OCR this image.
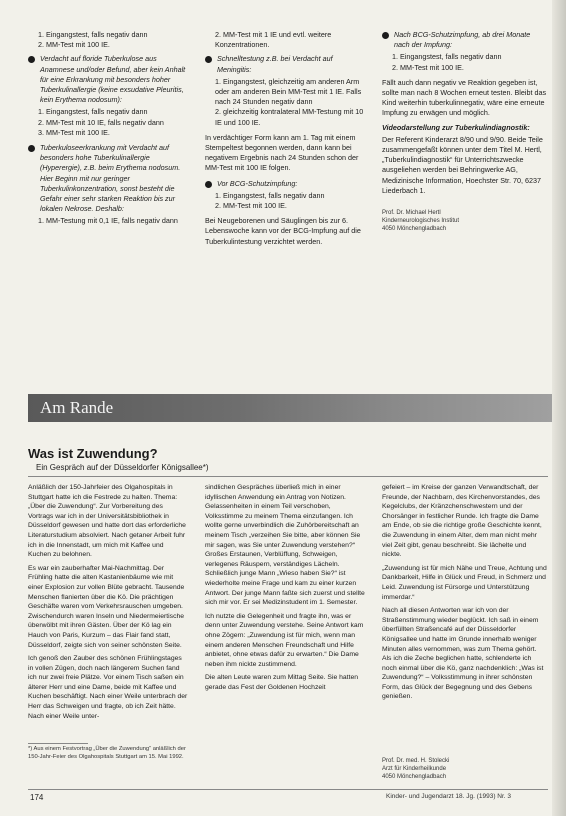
1. Eingangstest, falls negativ dann
2. MM-Test mit 100 IE.
Verdacht auf floride Tuberkulose aus Anamnese und/oder Befund, aber kein Anhalt für eine Erkrankung mit besonders hoher Tuberkulinallergie (keine exsudative Pleuritis, kein Erythema nodosum):
1. Eingangstest, falls negativ dann
2. MM-Test mit 10 IE, falls negativ dann
3. MM-Test mit 100 IE.
Tuberkuloseerkrankung mit Verdacht auf besonders hohe Tuberkulinallergie (Hyperergie), z.B. beim Erythema nodosum. Hier Beginn mit nur geringer Tuberkulinkonzentration, sonst besteht die Gefahr einer sehr starken Reaktion bis zur lokalen Nekrose. Deshalb:
1. MM-Testung mit 0,1 IE, falls negativ dann
2. MM-Test mit 1 IE und evtl. weitere Konzentrationen.
Schnelltestung z.B. bei Verdacht auf Meningitis:
1. Eingangstest, gleichzeitig am anderen Arm oder am anderen Bein MM-Test mit 1 IE. Falls nach 24 Stunden negativ dann
2. gleichzeitig kontralateral MM-Testung mit 10 IE und 100 IE.

In verdächtiger Form kann am 1. Tag mit einem Stempeltest begonnen werden, dann kann bei negativem Ergebnis nach 24 Stunden schon der MM-Test mit 100 IE folgen.

Vor BCG-Schutzimpfung:
1. Eingangstest, falls negativ dann
2. MM-Test mit 100 IE.

Bei Neugeborenen und Säuglingen bis zur 6. Lebenswoche kann vor der BCG-Impfung auf die Tuberkulintestung verzichtet werden.

Nach BCG-Schutzimpfung, ab drei Monate nach der Impfung:
1. Eingangstest, falls negativ dann
2. MM-Test mit 100 IE.

Fällt auch dann negativ ve Reaktion gegeben ist, sollte man nach 8 Wochen erneut testen. Bleibt das Kind weiterhin tuberkulinnegativ, wäre eine erneute Impfung zu erwägen und möglich.

Videodarstellung zur Tuberkulindiagnostik:

Der Referent Kinderarzt 8/90 und 9/90. Beide Teile zusammengefaßt können unter dem Titel M. Hertl, „Tuberkulindiagnostik“ für Unterrichtszwecke ausgeliehen werden bei Behringwerke AG, Medizinische Information, Hoechster Str. 70, 6237 Liederbach 1.

Prof. Dr. Michael Hertl
Kinderneurologisches Institut
4050 Mönchengladbach
Am Rande
Was ist Zuwendung?
Ein Gespräch auf der Düsseldorfer Königsallee*)

Anläßlich der 150-Jahrfeier des Olgahospitals in Stuttgart hatte ich die Festrede zu halten. Thema: „Über die Zuwendung“. Zur Vorbereitung des Vortrags war ich in der Universitätsbibliothek in Düsseldorf gewesen und hatte dort das erforderliche Literaturstudium absolviert. Nach getaner Arbeit fuhr ich in die Innenstadt, um mich mit Kaffee und Kuchen zu belohnen.

Es war ein zauberhafter Mai-Nachmittag. Der Frühling hatte die alten Kastanienbäume wie mit einer Explosion zur vollen Blüte gebracht. Tausende Menschen flanierten über die Kö. Die prächtigen Geschäfte waren vom Verkehrsrauschen umgeben. Zwischendurch waren Inseln und Niedermeiertische überwölbt mit ihren Gästen. Über der Kö lag ein Hauch von Paris, Kurzum – das Flair fand statt, Düsseldorf, zeigte sich von seiner schönsten Seite.

Ich genoß den Zauber des schönen Frühlingstages in vollen Zügen, doch nach längerem Suchen fand ich nur zwei freie Plätze. Vor einem Tisch saßen ein älterer Herr und eine Dame, beide mit Kaffee und Kuchen beschäftigt. Nach einer Weile unterbrach der Herr das Schweigen und fragte, ob ich Zeit hätte. Nach einer Weile unter-

sindlichen Gespräches überließ mich in einer idyllischen Anwendung ein Antrag von Notizen. Gelassenheiten in einem Teil verschoben, Volksstimme zu meinem Thema einzufangen. Ich wollte gerne unverbindlich die Zuhörbereitschaft an meinem Tisch „verzeihen Sie bitte, aber können Sie mir sagen, was Sie unter Zuwendung verstehen?“ Großes Erstaunen, Verblüffung, Schweigen, verlegenes Räuspern, verständiges Lächeln. Schließlich junge Mann „Wieso haben Sie?“ ist wiederholte meine Frage und kam zu einer kurzen Antwort. Der junge Mann faßte sich zuerst und stellte sich mir vor. Er sei Medizinstudent im 1. Semester.

Ich nutzte die Gelegenheit und fragte ihn, was er denn unter Zuwendung verstehe. Seine Antwort kam ohne Zögern: „Zuwendung ist für mich, wenn man einem anderen Menschen Freundschaft und Hilfe anbietet, ohne etwas dafür zu erwarten.“ Die Dame neben ihm nickte zustimmend.

Die alten Leute waren zum Mittag Seite. Sie hatten gerade das Fest der Goldenen Hochzeit

gefeiert – im Kreise der ganzen Verwandtschaft, der Freunde, der Nachbarn, des Kirchenvorstandes, des Kegelclubs, der Kränzchenschwestern und der Chorsänger in festlicher Runde. Ich fragte die Dame am Ende, ob sie die richtige große Geschichte kennt, die Zuwendung in einem Alter, dem man nicht mehr viel Zeit gibt, genau beschreibt. Sie lächelte und nickte.

„Zuwendung ist für mich Nähe und Treue, Achtung und Dankbarkeit, Hilfe in Glück und Freud, in Schmerz und Leid. Zuwendung ist Fürsorge und Unterstützung immerdar.“

Nach all diesen Antworten war ich von der Straßenstimmung wieder beglückt. Ich saß in einem überfüllten Straßencafé auf der Düsseldorfer Königsallee und hatte im Grunde innerhalb weniger Minuten alles vernommen, was zum Thema gehört. Als ich die Zeche beglichen hatte, schlenderte ich noch einmal über die Kö, ganz nachdenklich: „Was ist Zuwendung?“ – Volksstimmung in ihrer schönsten Form, das Glück der Begegnung und des Gebens genießen.

Prof. Dr. med. H. Stolecki
Arzt für Kinderheilkunde
4050 Mönchengladbach
*) Aus einem Festvortrag „Über die Zuwendung“ anläßlich der 150-Jahr-Feier des Olgahospitals Stuttgart am 15. Mai 1992.
174	Kinder- und Jugendarzt 18. Jg. (1993) Nr. 3
